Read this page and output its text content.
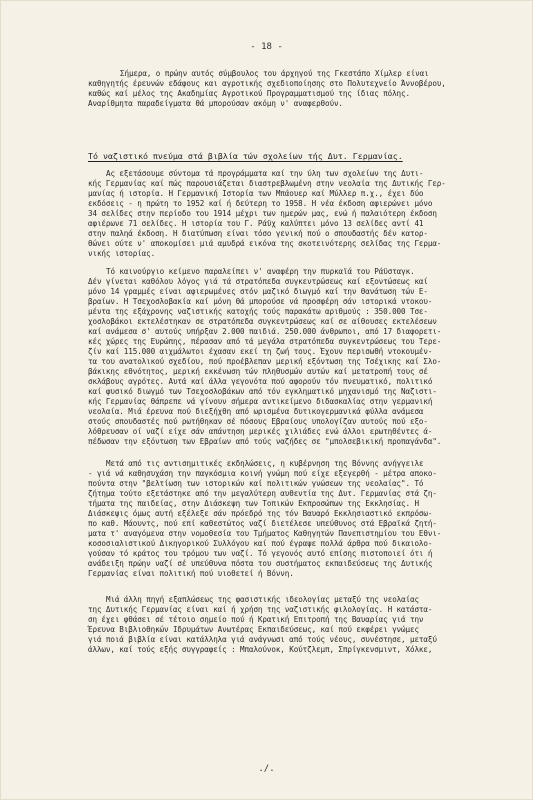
- 18 -
Σήμερα, ο πρώην αυτός σύμβουλος του άρχηγού της Γκεστάπο Χίμλερ είναι
καθηγητής έρευνών εδάφους και αγροτικής σχεδιοποίησης στο Πολυτεχνείο Άννοβέρου,
καθώς καί μέλος της Ακαδημίας Αγροτικού Προγραμματισμού της ίδιας πόλης.
Αναρίθμητα παραδείγματα θά μπορούσαν ακόμη ν' αναφερθούν.
Τό ναζιστικό πνεύμα στά βιβλία τών σχολείων τής Δυτ. Γερμανίας.
Ας εξετάσουμε σύντομα τά προγράμματα καί την ύλη των σχολείων της Δυτι-
κής Γερμανίας καί πώς παρουσιάζεται διαστρεβλωμένη στην νεολαία της Δυτικής Γερ-
μανίας ή ιστορία. Η Γερμανική Ιστορία των Μπάουερ καί Μύλλερ π.χ., έχει δύο
εκδόσεις - η πρώτη το 1952 καί ή δεύτερη το 1958. Η νέα έκδοση αφιερώνει μόνο
34 σελίδες στην περίοδο του 1914 μέχρι των ημερών μας, ενώ ή παλαιότερη έκδοση
αφιέρωνε 71 σελίδες. Η ιστορία του Γ. Ράϋχ καλύπτει μόνο 13 σελίδες αντί 41
στην παληά έκδοση. Η διατύπωση είναι τόσο γενική πού ο σπουδαστής δέν κατορ-
θώνει ούτε ν' αποκομίσει μιά αμυδρά εικόνα της σκοτεινότερης σελίδας της Γερμα-
νικής ιστορίας.
Τό καινούργιο κείμενο παραλείπει ν' αναφέρη την πυρκαϊά του Ράϋσταγκ.
Δέν γίνεται καθόλου λόγος γιά τά στρατόπεδα συγκεντρώσεως καί εξοντώσεως καί
μόνο 14 γραμμές είναι αφιερωμένες στόν μαζικό διωγμό καί την θανάτωση τών Ε-
βραίων. Η Τσεχοσλοβακία καί μόνη θά μπορούσε νά προσφέρη σάν ιστορικά ντοκου-
μέντα της εξάχρονης ναζιστικής κατοχής τούς παρακάτω αριθμούς : 350.000 Τσε-
χοσλοβάκοι εκτελέστηκαν σε στρατόπεδα συγκεντρώσεως καί σε αίθουσες εκτελέσεων
καί ανάμεσα σ' αυτούς υπήρξαν 2.000 παιδιά. 250.000 άνθρωποι, από 17 διαφορετι-
κές χώρες της Ευρώπης, πέρασαν από τά μεγάλα στρατόπεδα συγκεντρώσεως του Τερε-
ζίν καί 115.000 αιχμάλωτοι έχασαν εκεί τη ζωή τους. Έχουν περισωθή ντοκουμέν-
τα του ανατολικού σχεδίου, πού προέβλεπαν μερική εξόντωση της Τσέχικης καί Σλο-
βάκικης εθνότητος, μερική εκκένωση τών πληθυσμών αυτών καί μετατροπή τους σέ
σκλάβους αγρότες. Αυτά καί άλλα γεγονότα πού αφορούν τόν πνευματικό, πολιτικό
καί φυσικό διωγμό των Τσεχοσλοβάκων από τόν εγκληματικό μηχανισμό της Ναζιστι-
κής Γερμανίας θάπρεπε νά γίνουν σήμερα αντικείμενο διδασκαλίας στην γερμανική
νεολαία. Μιά έρευνα πού διεξήχθη από ωρισμένα δυτικογερμανικά φύλλα ανάμεσα
στούς σπουδαστές πού ρωτήθηκαν σέ πόσους Εβραίους υπολογίζαν αυτούς πού εξο-
λόθρευσαν οί ναζί είχε σάν απάντηση μερικές χιλιάδες ενώ άλλοι ερωτηθέντες ά-
πέδωσαν την εξόντωση των Εβραίων από τούς ναζήδες σε "μπολσεβικική προπαγάνδα".
Μετά από τις αντισημιτικές εκδηλώσεις, η κυβέρνηση της Βόννης ανήγγειλε
- γιά νά καθησυχάση την παγκόσμια κοινή γνώμη πού είχε εξεγερθή - μέτρα αποκο-
πούντα στην "βελτίωση των ιστορικών καί πολιτικών γνώσεων της νεολαίας". Τό
ζήτημα τούτο εξετάστηκε από την μεγαλύτερη αυθεντία της Δυτ. Γερμανίας στά ζη-
τήματα της παιδείας, στην Διάσκεψη των Τοπικών Εκπροσώπων της Εκκλησίας. Η
Διάσκεψις όμως αυτή εξέλεξε σάν πρόεδρό της τόν Βαυαρό Εκκλησιαστικό εκπρόσω-
πο καθ. Μάουντς, πού επί καθεστώτος ναζί διετέλεσε υπεύθυνος στά Εβραϊκά ζητή-
ματα τ' αναγόμενα στην νομοθεσία του Τμήματος Καθηγητών Πανεπιστημίου του Εθνι-
κοσοσιαλιστικού Δικηγορικού Συλλόγου καί πού έγραψε πολλά άρθρα πού δικαιολο-
γούσαν τό κράτος του τρόμου των ναζί. Τό γεγονός αυτό επίσης πιστοποιεί ότι ή
ανάδειξη πρώην ναζί σέ υπεύθυνα πόστα του συστήματος εκπαιδεύσεως της Δυτικής
Γερμανίας είναι πολιτική πού υιοθετεί ή Βόννη.
Μιά άλλη πηγή εξαπλώσεως της φασιστικής ιδεολογίας μεταξύ της νεολαίας
της Δυτικής Γερμανίας είναι καί ή χρήση της ναζιστικής φιλολογίας. Η κατάστα-
ση έχει φθάσει σέ τέτοιο σημείο πού ή Κρατική Επιτροπή της Βαυαρίας γιά την
Έρευνα Βιβλιοθηκών Ιδρυμάτων Ανωτέρας Εκπαιδεύσεως, καί πού εκφέρει γνώμες
γιά ποιά βιβλία είναι κατάλληλα γιά ανάγνωσι από τούς νέους, συνέστησε, μεταξύ
άλλων, καί τούς εξής συγγραφείς : Μπαλούνοκ, Κούτζλεμπ, Σπρίγκενσμιντ, Χόλκε,
./.
